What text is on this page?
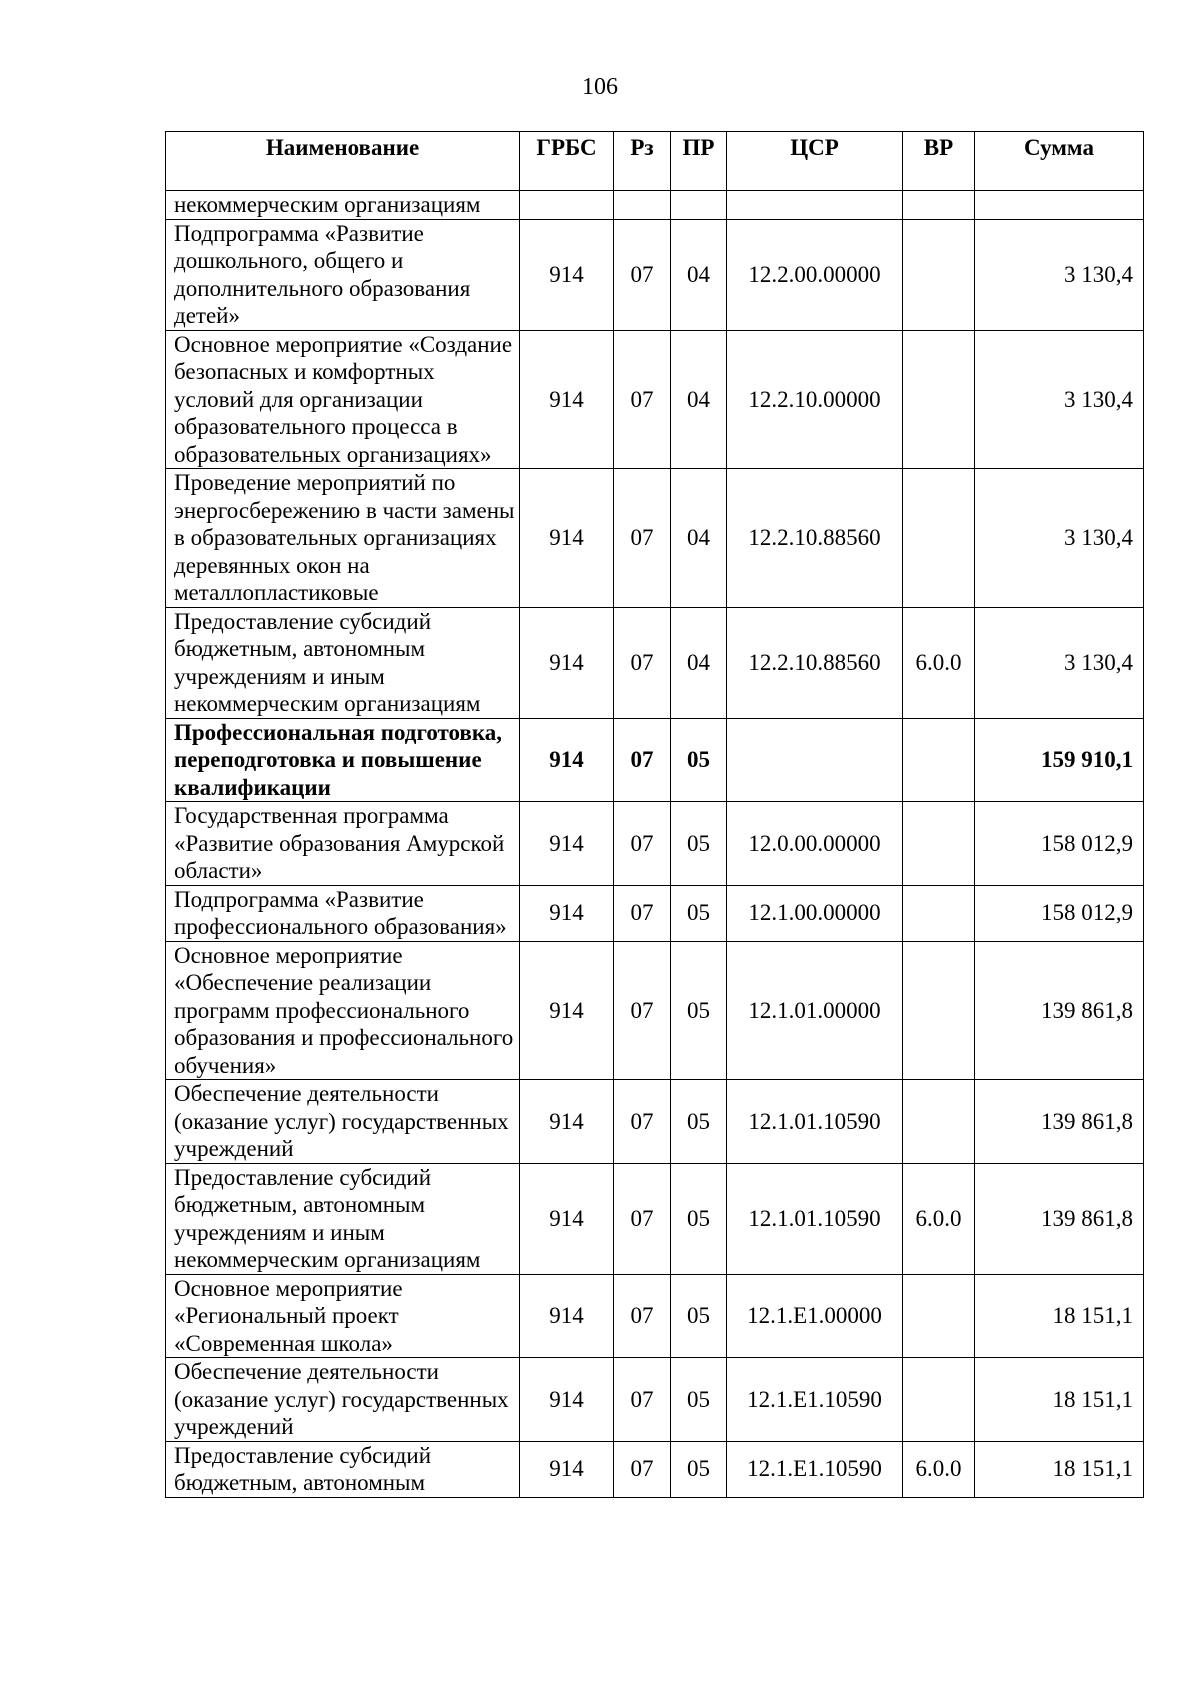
106
Наименование	ГРБС	Рз	ПР	ЦСР	ВР	Сумма
некоммерческим организациям						
Подпрограмма «Развитие дошкольного, общего и дополнительного образования детей»	914	07	04	12.2.00.00000		3 130,4
Основное мероприятие «Создание безопасных и комфортных условий для организации образовательного процесса в образовательных организациях»	914	07	04	12.2.10.00000		3 130,4
Проведение мероприятий по энергосбережению в части замены в образовательных организациях деревянных окон на металлопластиковые	914	07	04	12.2.10.88560		3 130,4
Предоставление субсидий бюджетным, автономным учреждениям и иным некоммерческим организациям	914	07	04	12.2.10.88560	6.0.0	3 130,4
Профессиональная подготовка, переподготовка и повышение квалификации	914	07	05			159 910,1
Государственная программа «Развитие образования Амурской области»	914	07	05	12.0.00.00000		158 012,9
Подпрограмма «Развитие профессионального образования»	914	07	05	12.1.00.00000		158 012,9
Основное мероприятие «Обеспечение реализации программ профессионального образования и профессионального обучения»	914	07	05	12.1.01.00000		139 861,8
Обеспечение деятельности (оказание услуг) государственных учреждений	914	07	05	12.1.01.10590		139 861,8
Предоставление субсидий бюджетным, автономным учреждениям и иным некоммерческим организациям	914	07	05	12.1.01.10590	6.0.0	139 861,8
Основное мероприятие «Региональный проект «Современная школа»	914	07	05	12.1.E1.00000		18 151,1
Обеспечение деятельности (оказание услуг) государственных учреждений	914	07	05	12.1.E1.10590		18 151,1
Предоставление субсидий бюджетным, автономным	914	07	05	12.1.E1.10590	6.0.0	18 151,1
